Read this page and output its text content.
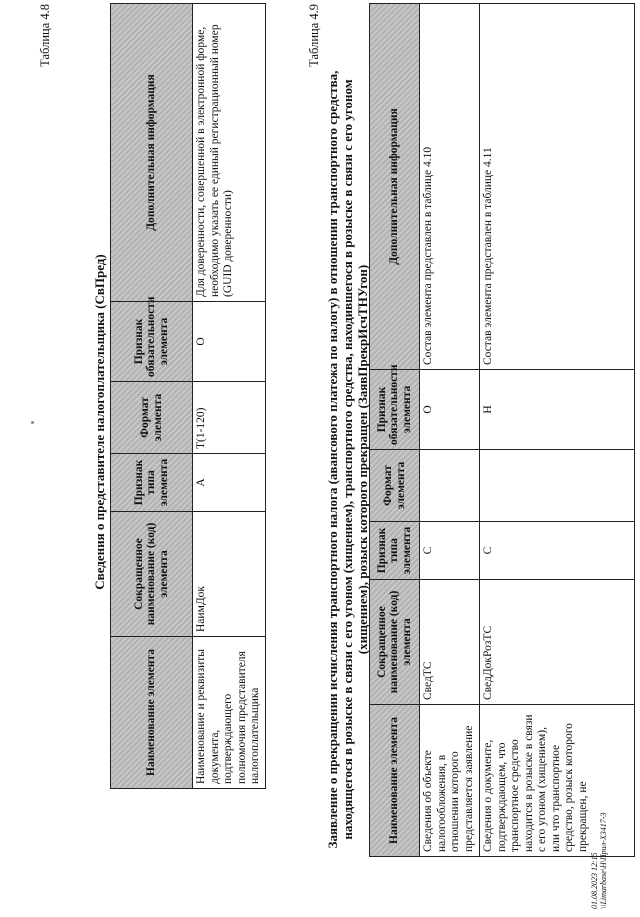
Таблица 4.8
Сведения о представителе налогоплательщика (СвПред)
Наименование элемента	Сокращенное наименование (код) элемента	Признак типа элемента	Формат элемента	Признак обязательности элемента	Дополнительная информация
Наименование и реквизиты документа, подтверждающего полномочия представителя налогоплательщика	НаимДок	А	T(1-120)	О	Для доверенности, совершенной в электронной форме, необходимо указать ее единый регистрационный номер (GUID доверенности)
Таблица 4.9
Заявление о прекращении исчисления транспортного налога (авансового платежа по налогу) в отношении транспортного средства, находящегося в розыске в связи с его угоном (хищением), транспортного средства, находившегося в розыске в связи с его угоном (хищением), розыск которого прекращен (ЗаявПрекрИсчТНУгон)
Наименование элемента	Сокращенное наименование (код) элемента	Признак типа элемента	Формат элемента	Признак обязательности элемента	Дополнительная информация
Сведения об объекте налогообложения, в отношении которого представляется заявление	СведТС	С		О	Состав элемента представлен в таблице 4.10
Сведения о документе, подтверждающем, что транспортное средство находится в розыске в связи с его угоном (хищением), или что транспортное средство, розыск которого прекращен, не	СведДокРозТС	С		Н	Состав элемента представлен в таблице 4.11
01.08.2023 12:15 \\Limarbase\Н\Прил-X3417-3
